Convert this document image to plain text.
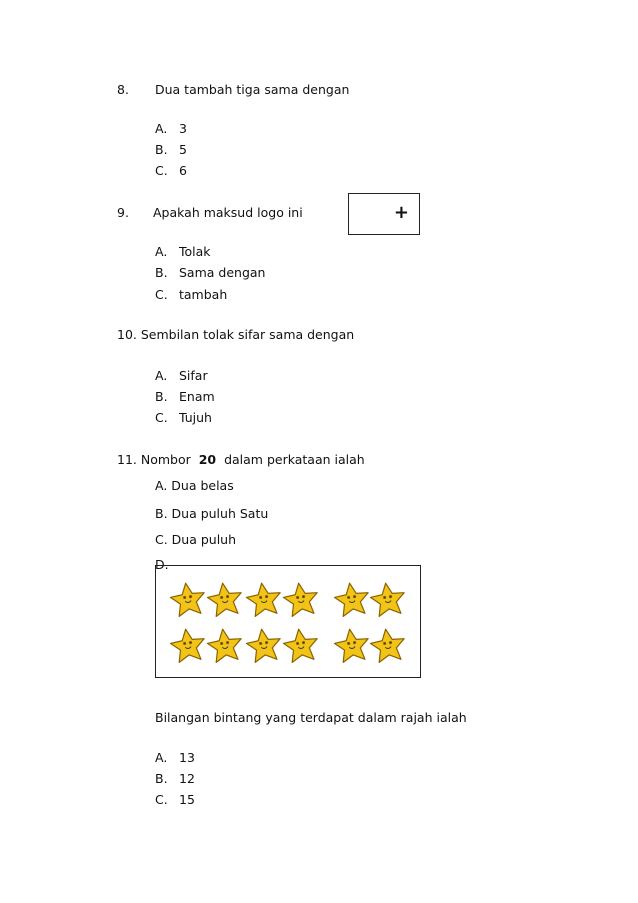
8. Dua tambah tiga sama dengan
A. 3
B. 5
C. 6
9. Apakah maksud logo ini	+
A. Tolak
B. Sama dengan
C. tambah
10. Sembilan tolak sifar sama dengan
A. Sifar
B. Enam
C. Tujuh
11. Nombor 20 dalam perkataan ialah
A. Dua belas
B. Dua puluh Satu
C. Dua puluh
D.
Bilangan bintang yang terdapat dalam rajah ialah
A. 13
B. 12
C. 15
